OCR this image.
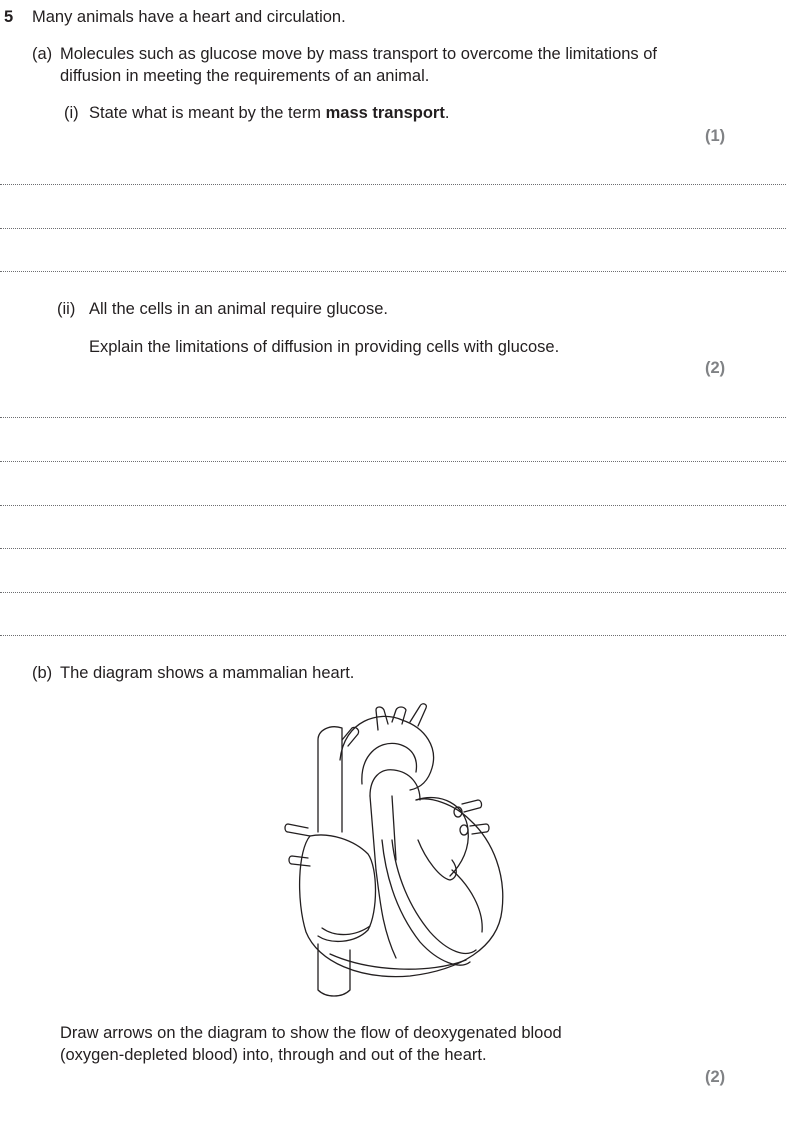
5 Many animals have a heart and circulation.
(a) Molecules such as glucose move by mass transport to overcome the limitations of
diffusion in meeting the requirements of an animal.
(i) State what is meant by the term mass transport.
(1)
(ii) All the cells in an animal require glucose.
Explain the limitations of diffusion in providing cells with glucose.
(2)
(b) The diagram shows a mammalian heart.
Draw arrows on the diagram to show the flow of deoxygenated blood
(oxygen-depleted blood) into, through and out of the heart.
(2)
